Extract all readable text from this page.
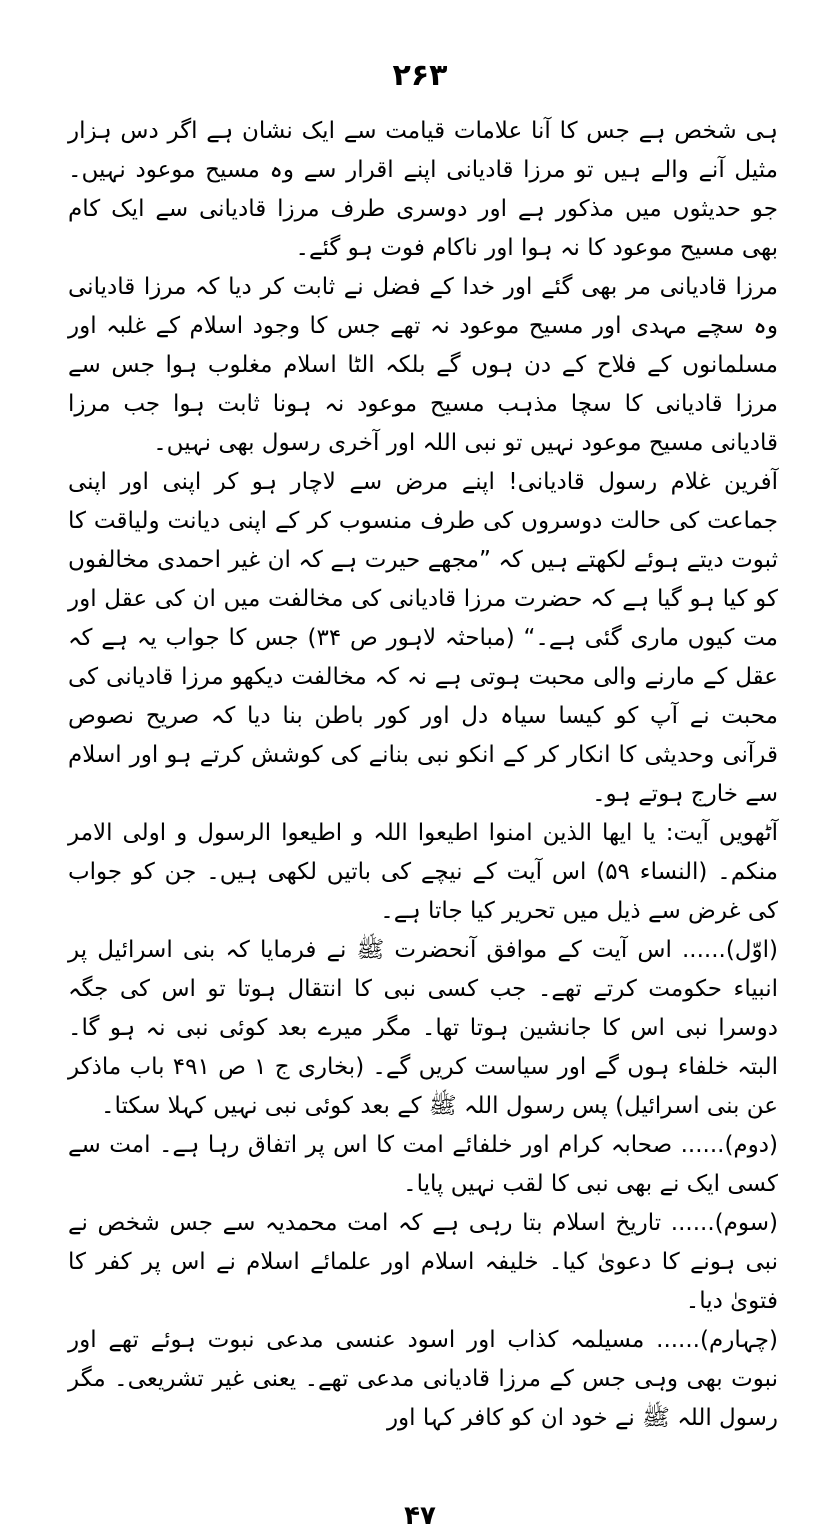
۲۶۳

ہی شخص ہے جس کا آنا علامات قیامت سے ایک نشان ہے اگر دس ہزار مثیل آنے والے ہیں تو مرزا قادیانی اپنے اقرار سے وہ مسیح موعود نہیں۔ جو حدیثوں میں مذکور ہے اور دوسری طرف مرزا قادیانی سے ایک کام بھی مسیح موعود کا نہ ہوا اور ناکام فوت ہو گئے۔

مرزا قادیانی مر بھی گئے اور خدا کے فضل نے ثابت کر دیا کہ مرزا قادیانی وہ سچے مہدی اور مسیح موعود نہ تھے جس کا وجود اسلام کے غلبہ اور مسلمانوں کے فلاح کے دن ہوں گے بلکہ الٹا اسلام مغلوب ہوا جس سے مرزا قادیانی کا سچا مذہب مسیح موعود نہ ہونا ثابت ہوا جب مرزا قادیانی مسیح موعود نہیں تو نبی اللہ اور آخری رسول بھی نہیں۔

آفرین غلام رسول قادیانی! اپنے مرض سے لاچار ہو کر اپنی اور اپنی جماعت کی حالت دوسروں کی طرف منسوب کر کے اپنی دیانت ولیاقت کا ثبوت دیتے ہوئے لکھتے ہیں کہ ”مجھے حیرت ہے کہ ان غیر احمدی مخالفوں کو کیا ہو گیا ہے کہ حضرت مرزا قادیانی کی مخالفت میں ان کی عقل اور مت کیوں ماری گئی ہے۔“ (مباحثہ لاہور ص ۳۴) جس کا جواب یہ ہے کہ عقل کے مارنے والی محبت ہوتی ہے نہ کہ مخالفت دیکھو مرزا قادیانی کی محبت نے آپ کو کیسا سیاہ دل اور کور باطن بنا دیا کہ صریح نصوص قرآنی وحدیثی کا انکار کر کے انکو نبی بنانے کی کوشش کرتے ہو اور اسلام سے خارج ہوتے ہو۔

آٹھویں آیت: یا ایھا الذین امنوا اطیعوا اللہ و اطیعوا الرسول و اولی الامر منکم۔ (النساء ۵۹) اس آیت کے نیچے کی باتیں لکھی ہیں۔ جن کو جواب کی غرض سے ذیل میں تحریر کیا جاتا ہے۔

(اوّل)...... اس آیت کے موافق آنحضرت ﷺ نے فرمایا کہ بنی اسرائیل پر انبیاء حکومت کرتے تھے۔ جب کسی نبی کا انتقال ہوتا تو اس کی جگہ دوسرا نبی اس کا جانشین ہوتا تھا۔ مگر میرے بعد کوئی نبی نہ ہو گا۔ البتہ خلفاء ہوں گے اور سیاست کریں گے۔ (بخاری ج ۱ ص ۴۹۱ باب ماذکر عن بنی اسرائیل) پس رسول اللہ ﷺ کے بعد کوئی نبی نہیں کہلا سکتا۔

(دوم)...... صحابہ کرام اور خلفائے امت کا اس پر اتفاق رہا ہے۔ امت سے کسی ایک نے بھی نبی کا لقب نہیں پایا۔

(سوم)...... تاریخ اسلام بتا رہی ہے کہ امت محمدیہ سے جس شخص نے نبی ہونے کا دعویٰ کیا۔ خلیفہ اسلام اور علمائے اسلام نے اس پر کفر کا فتویٰ دیا۔

(چہارم)...... مسیلمہ کذاب اور اسود عنسی مدعی نبوت ہوئے تھے اور نبوت بھی وہی جس کے مرزا قادیانی مدعی تھے۔ یعنی غیر تشریعی۔ مگر رسول اللہ ﷺ نے خود ان کو کافر کہا اور

۴۷
